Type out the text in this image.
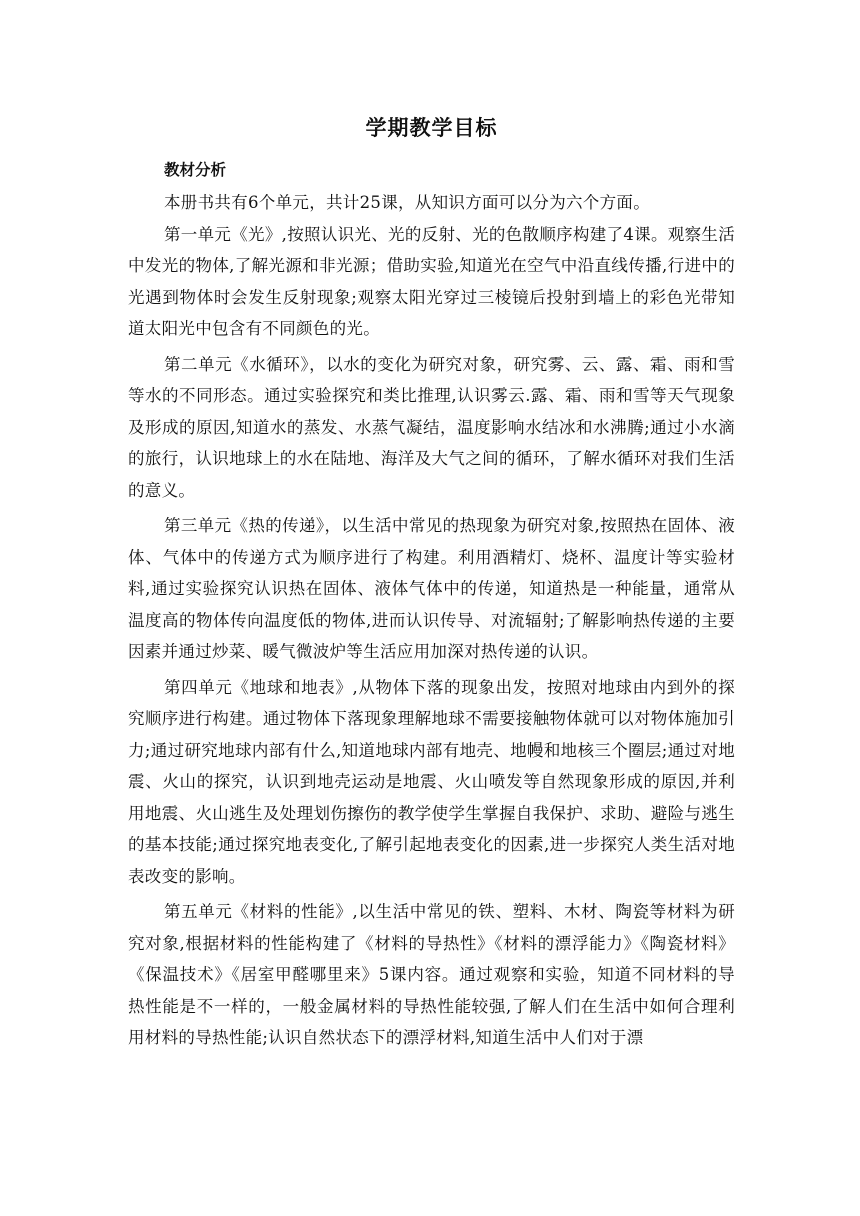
学期教学目标
教材分析

本册书共有6个单元，共计25课，从知识方面可以分为六个方面。

第一单元《光》,按照认识光、光的反射、光的色散顺序构建了4课。观察生活中发光的物体,了解光源和非光源；借助实验,知道光在空气中沿直线传播,行进中的光遇到物体时会发生反射现象;观察太阳光穿过三棱镜后投射到墙上的彩色光带知道太阳光中包含有不同颜色的光。

第二单元《水循环》，以水的变化为研究对象，研究雾、云、露、霜、雨和雪等水的不同形态。通过实验探究和类比推理,认识雾云.露、霜、雨和雪等天气现象及形成的原因,知道水的蒸发、水蒸气凝结，温度影响水结冰和水沸腾;通过小水滴的旅行，认识地球上的水在陆地、海洋及大气之间的循环，了解水循环对我们生活的意义。

第三单元《热的传递》，以生活中常见的热现象为研究对象,按照热在固体、液体、气体中的传递方式为顺序进行了构建。利用酒精灯、烧杯、温度计等实验材料,通过实验探究认识热在固体、液体气体中的传递，知道热是一种能量，通常从温度高的物体传向温度低的物体,进而认识传导、对流辐射;了解影响热传递的主要因素并通过炒菜、暖气微波炉等生活应用加深对热传递的认识。

第四单元《地球和地表》,从物体下落的现象出发，按照对地球由内到外的探究顺序进行构建。通过物体下落现象理解地球不需要接触物体就可以对物体施加引力;通过研究地球内部有什么,知道地球内部有地壳、地幔和地核三个圈层;通过对地震、火山的探究，认识到地壳运动是地震、火山喷发等自然现象形成的原因,并利用地震、火山逃生及处理划伤擦伤的教学使学生掌握自我保护、求助、避险与逃生的基本技能;通过探究地表变化,了解引起地表变化的因素,进一步探究人类生活对地表改变的影响。

第五单元《材料的性能》,以生活中常见的铁、塑料、木材、陶瓷等材料为研究对象,根据材料的性能构建了《材料的导热性》《材料的漂浮能力》《陶瓷材料》《保温技术》《居室甲醛哪里来》5课内容。通过观察和实验，知道不同材料的导热性能是不一样的，一般金属材料的导热性能较强,了解人们在生活中如何合理利用材料的导热性能;认识自然状态下的漂浮材料,知道生活中人们对于漂
